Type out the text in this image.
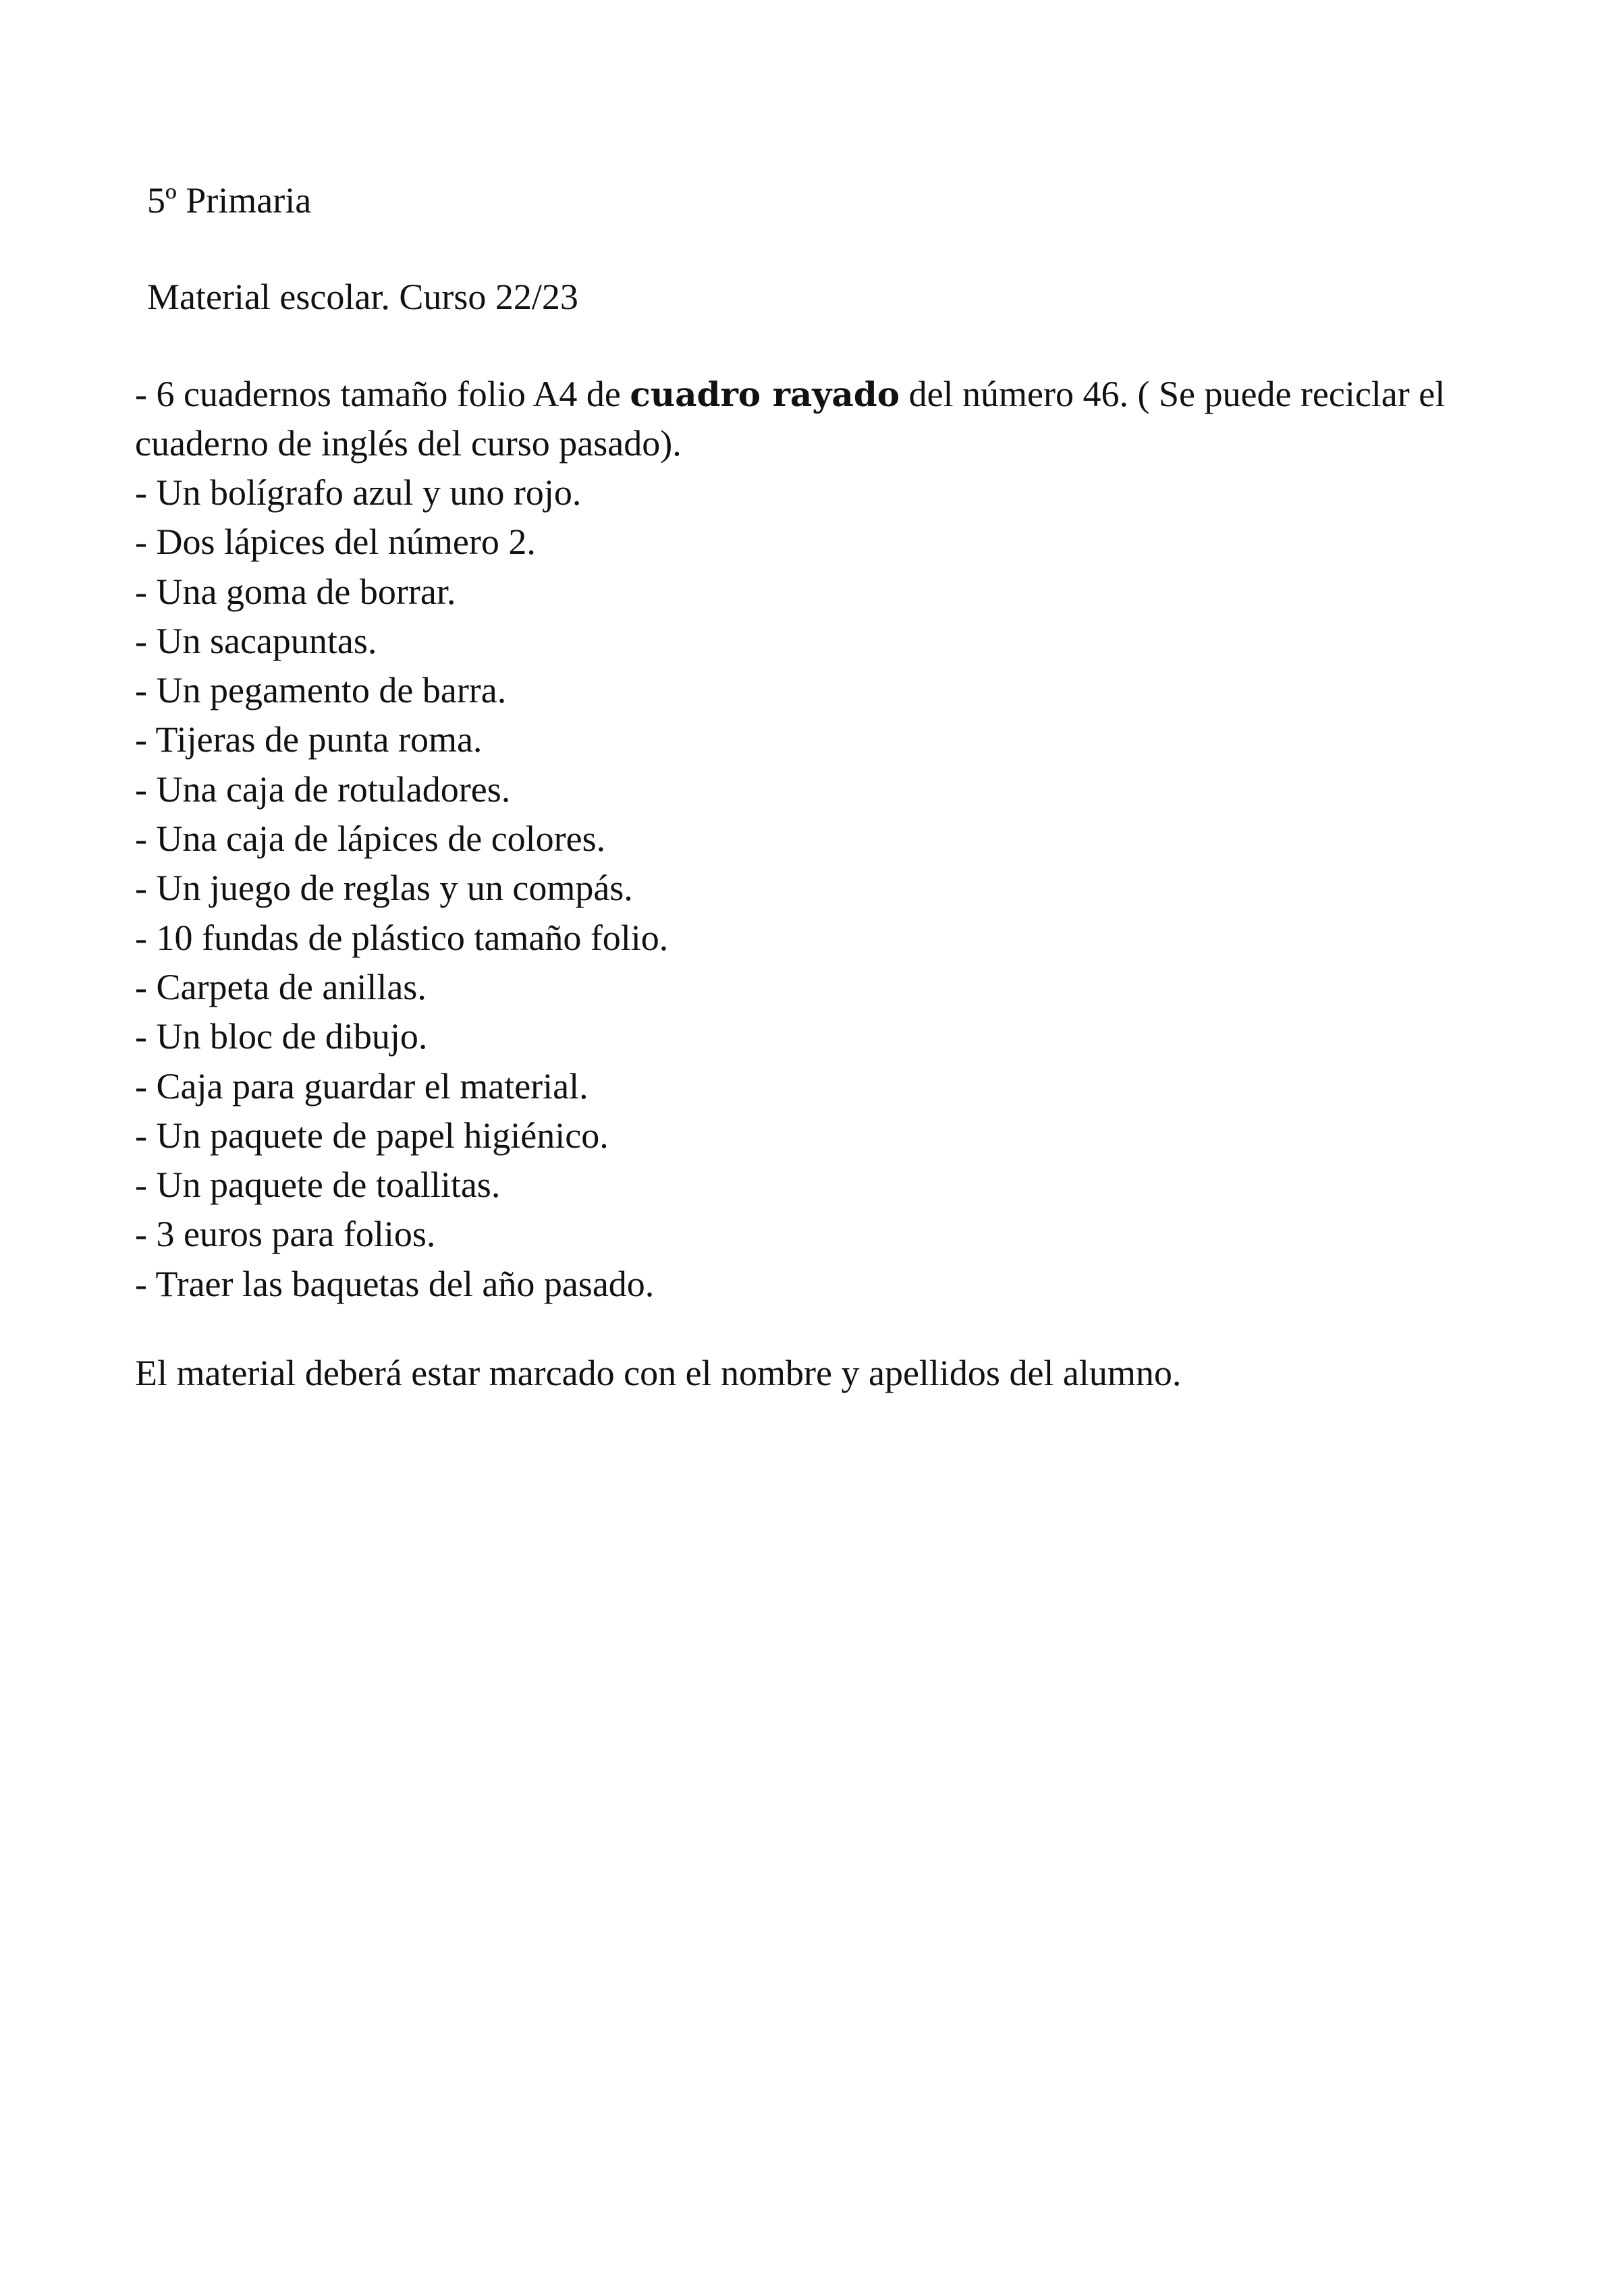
5º Primaria
Material escolar. Curso 22/23
- 6 cuadernos tamaño folio A4 de cuadro rayado del número 46. ( Se puede reciclar el cuaderno de inglés del curso pasado).
- Un bolígrafo azul y uno rojo.
- Dos lápices del número 2.
- Una goma de borrar.
- Un sacapuntas.
- Un pegamento de barra.
- Tijeras de punta roma.
- Una caja de rotuladores.
- Una caja de lápices de colores.
- Un juego de reglas y un compás.
- 10 fundas de plástico tamaño folio.
- Carpeta de anillas.
- Un bloc de dibujo.
- Caja para guardar el material.
- Un paquete de papel higiénico.
- Un paquete de toallitas.
- 3 euros para folios.
- Traer las baquetas del año pasado.
El material deberá estar marcado con el nombre y apellidos del alumno.
